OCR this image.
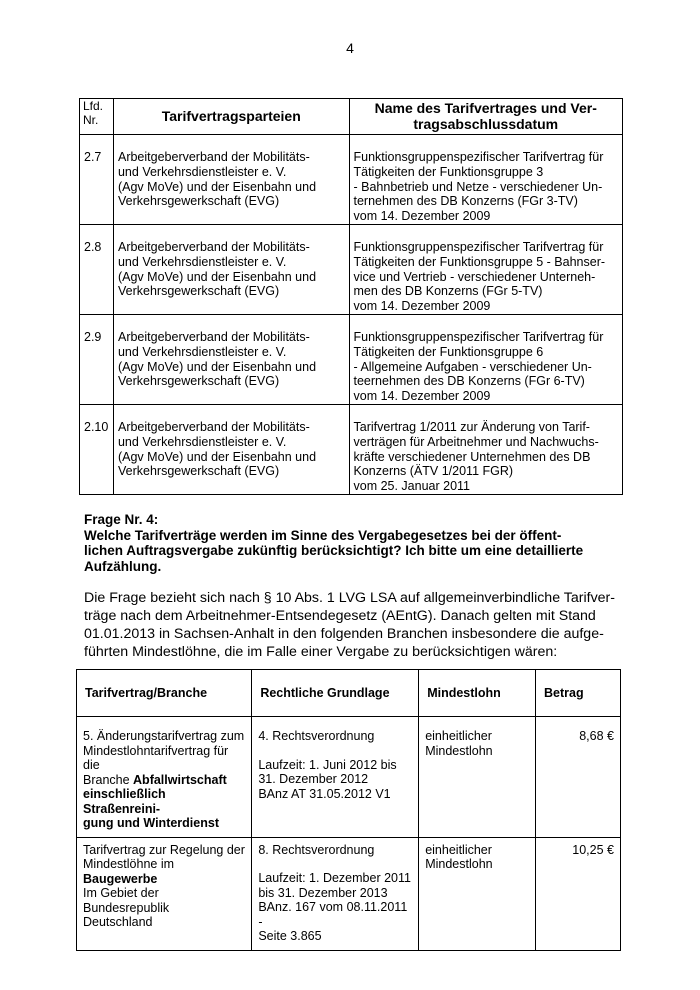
4
Lfd.
Nr.	Tarifvertragsparteien	Name des Tarifvertrages und Ver-
tragsabschlussdatum
2.7	Arbeitgeberverband der Mobilitäts-
und Verkehrsdienstleister e. V.
(Agv MoVe) und der Eisenbahn und
Verkehrsgewerkschaft (EVG)	Funktionsgruppenspezifischer Tarifvertrag für
Tätigkeiten der Funktionsgruppe 3
- Bahnbetrieb und Netze - verschiedener Un-
ternehmen des DB Konzerns (FGr 3-TV)
vom 14. Dezember 2009
2.8	Arbeitgeberverband der Mobilitäts-
und Verkehrsdienstleister e. V.
(Agv MoVe) und der Eisenbahn und
Verkehrsgewerkschaft (EVG)	Funktionsgruppenspezifischer Tarifvertrag für
Tätigkeiten der Funktionsgruppe 5 - Bahnser-
vice und Vertrieb - verschiedener Unterneh-
men des DB Konzerns (FGr 5-TV)
vom 14. Dezember 2009
2.9	Arbeitgeberverband der Mobilitäts-
und Verkehrsdienstleister e. V.
(Agv MoVe) und der Eisenbahn und
Verkehrsgewerkschaft (EVG)	Funktionsgruppenspezifischer Tarifvertrag für
Tätigkeiten der Funktionsgruppe 6
- Allgemeine Aufgaben - verschiedener Un-
teernehmen des DB Konzerns (FGr 6-TV)
vom 14. Dezember 2009
2.10	Arbeitgeberverband der Mobilitäts-
und Verkehrsdienstleister e. V.
(Agv MoVe) und der Eisenbahn und
Verkehrsgewerkschaft (EVG)	Tarifvertrag 1/2011 zur Änderung von Tarif-
verträgen für Arbeitnehmer und Nachwuchs-
kräfte verschiedener Unternehmen des DB
Konzerns (ÄTV 1/2011 FGR)
vom 25. Januar 2011
Frage Nr. 4:
Welche Tarifverträge werden im Sinne des Vergabegesetzes bei der öffent-
lichen Auftragsvergabe zukünftig berücksichtigt? Ich bitte um eine detaillierte
Aufzählung.
Die Frage bezieht sich nach § 10 Abs. 1 LVG LSA auf allgemeinverbindliche Tarifver-
träge nach dem Arbeitnehmer-Entsendegesetz (AEntG). Danach gelten mit Stand
01.01.2013 in Sachsen-Anhalt in den folgenden Branchen insbesondere die aufge-
führten Mindestlöhne, die im Falle einer Vergabe zu berücksichtigen wären:
Tarifvertrag/Branche	Rechtliche Grundlage	Mindestlohn	Betrag
5. Änderungstarifvertrag zum
Mindestlohntarifvertrag für die
Branche Abfallwirtschaft
einschließlich Straßenreini-
gung und Winterdienst	4. Rechtsverordnung
Laufzeit: 1. Juni 2012 bis
31. Dezember 2012
BAnz AT 31.05.2012 V1	einheitlicher
Mindestlohn	8,68 €
Tarifvertrag zur Regelung der
Mindestlöhne im Baugewerbe
Im Gebiet der Bundesrepublik
Deutschland	8. Rechtsverordnung
Laufzeit: 1. Dezember 2011
bis 31. Dezember 2013
BAnz. 167 vom 08.11.2011 -
Seite 3.865	einheitlicher
Mindestlohn	10,25 €
